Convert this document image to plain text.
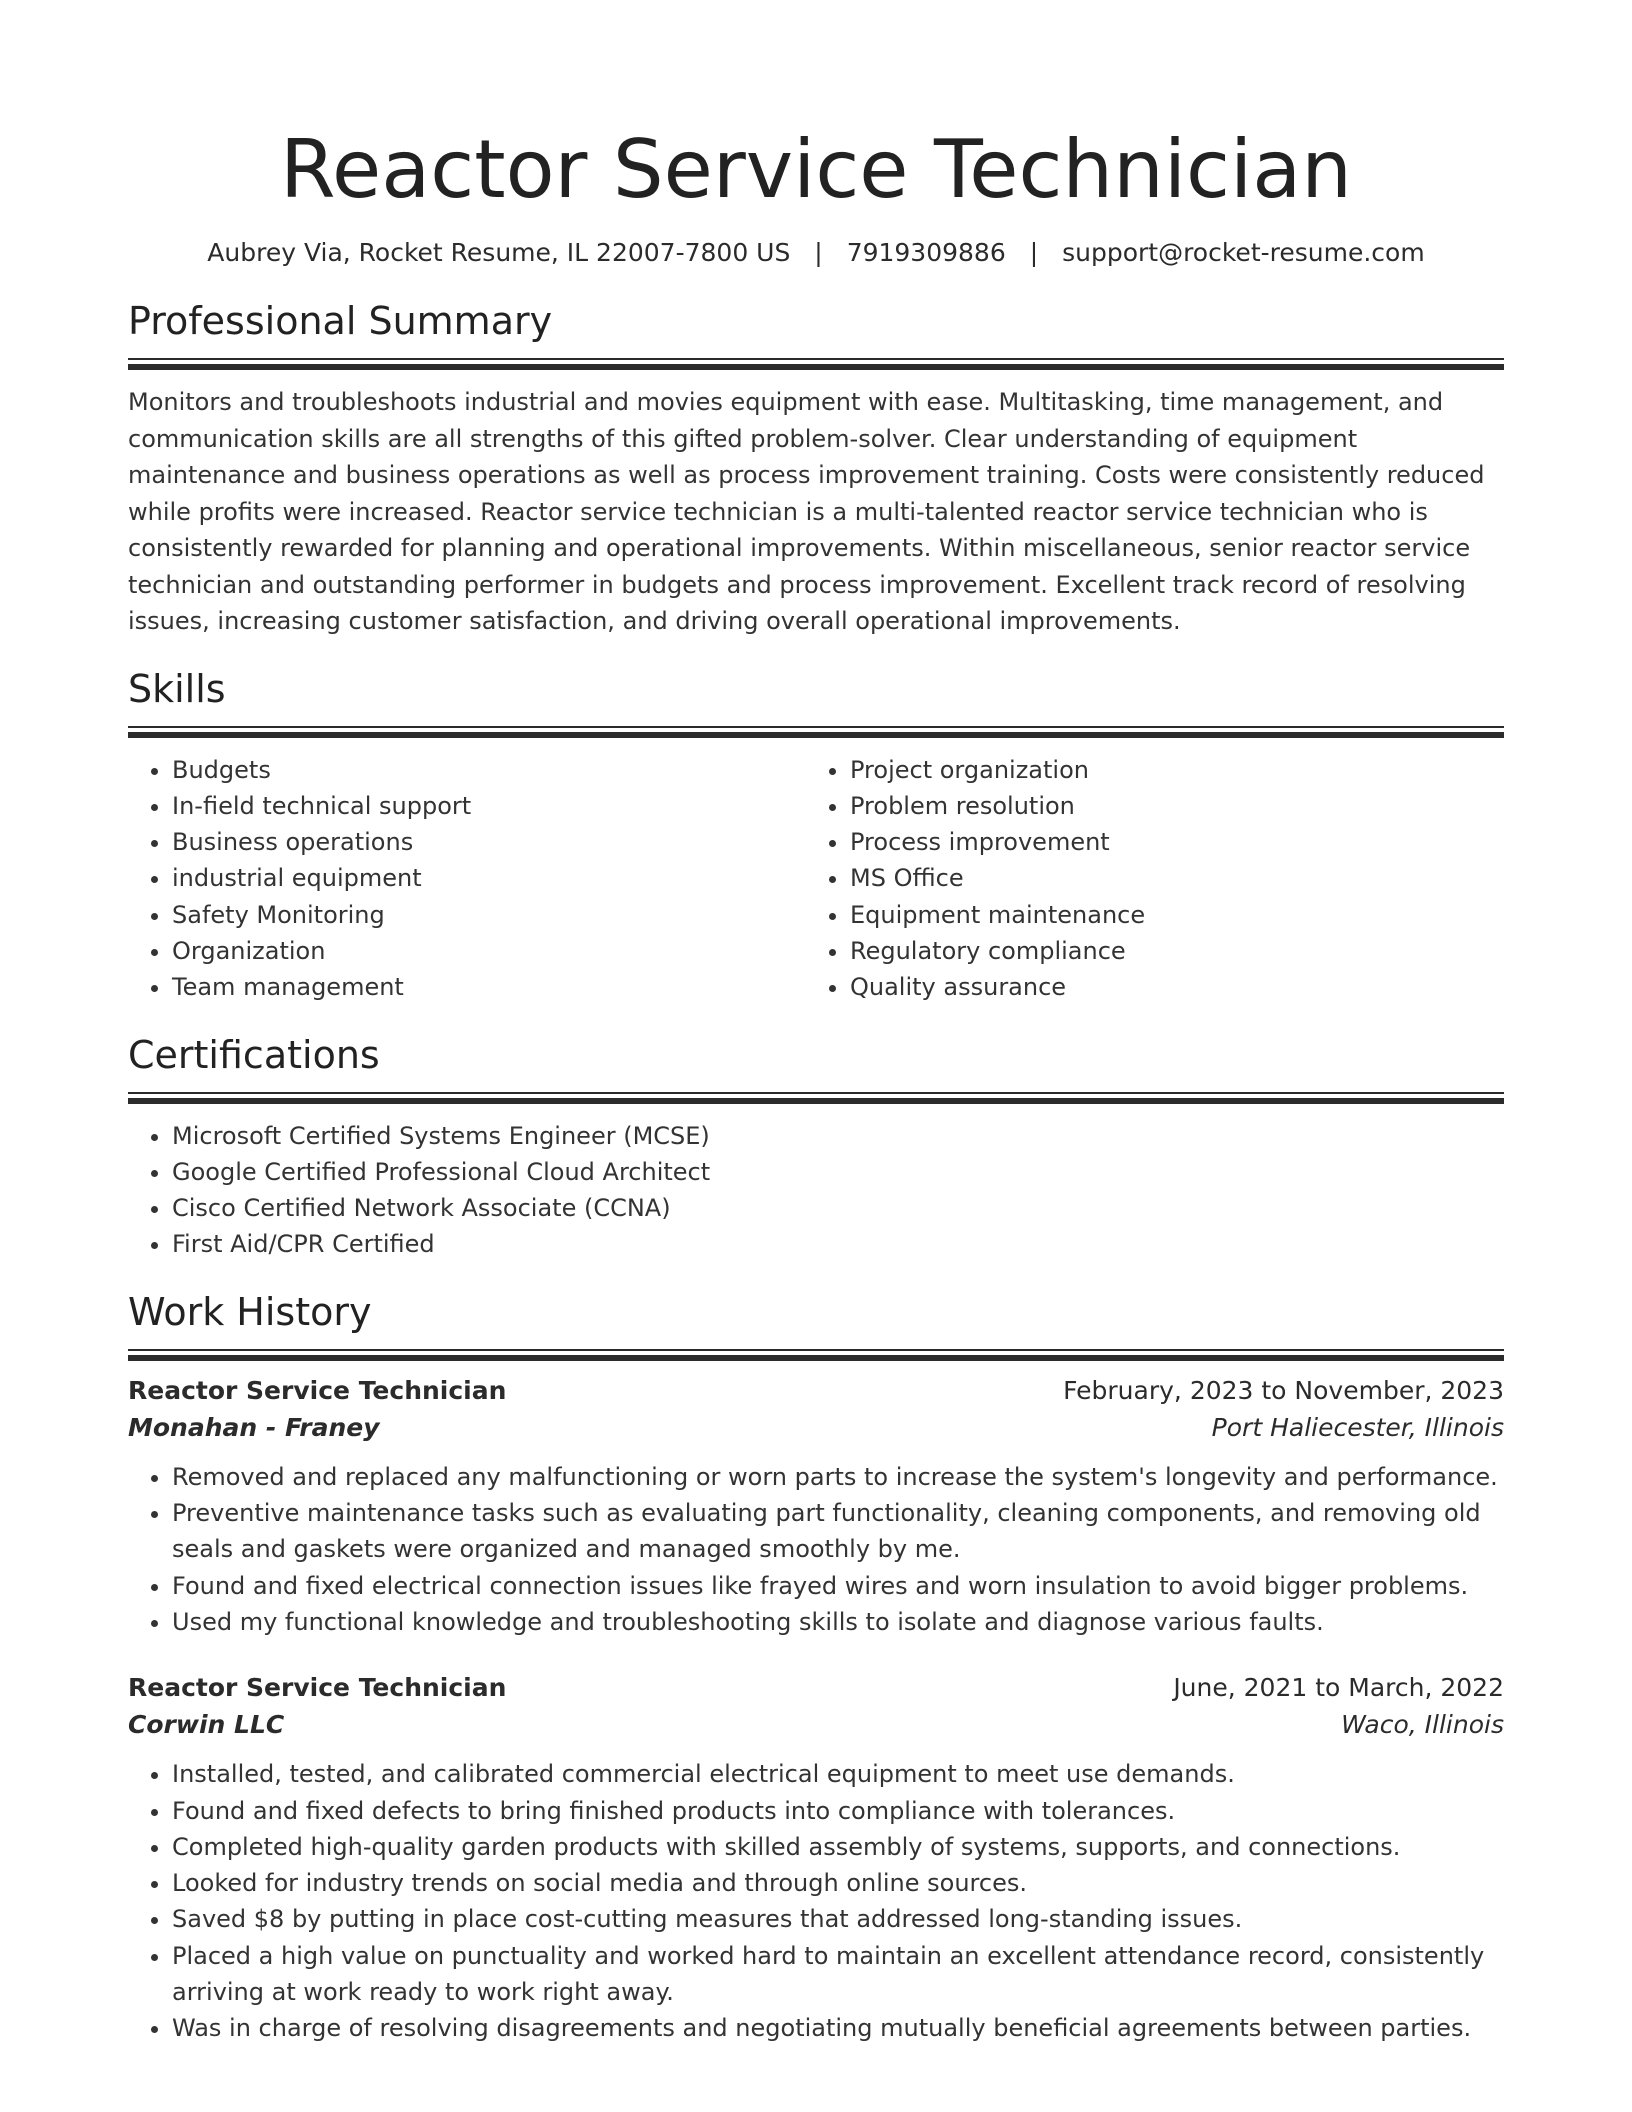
Reactor Service Technician
Aubrey Via, Rocket Resume, IL 22007-7800 US | 7919309886 | support@rocket-resume.com
Professional Summary

Monitors and troubleshoots industrial and movies equipment with ease. Multitasking, time management, and communication skills are all strengths of this gifted problem-solver. Clear understanding of equipment maintenance and business operations as well as process improvement training. Costs were consistently reduced while profits were increased. Reactor service technician is a multi-talented reactor service technician who is consistently rewarded for planning and operational improvements. Within miscellaneous, senior reactor service technician and outstanding performer in budgets and process improvement. Excellent track record of resolving issues, increasing customer satisfaction, and driving overall operational improvements.

Skills
• Budgets
• In-field technical support
• Business operations
• industrial equipment
• Safety Monitoring
• Organization
• Team management
• Project organization
• Problem resolution
• Process improvement
• MS Office
• Equipment maintenance
• Regulatory compliance
• Quality assurance
Certifications
• Microsoft Certified Systems Engineer (MCSE)
• Google Certified Professional Cloud Architect
• Cisco Certified Network Associate (CCNA)
• First Aid/CPR Certified
Work History
Reactor Service Technician	February, 2023 to November, 2023
Monahan - Franey	Port Haliecester, Illinois
• Removed and replaced any malfunctioning or worn parts to increase the system's longevity and performance.
• Preventive maintenance tasks such as evaluating part functionality, cleaning components, and removing old seals and gaskets were organized and managed smoothly by me.
• Found and fixed electrical connection issues like frayed wires and worn insulation to avoid bigger problems.
• Used my functional knowledge and troubleshooting skills to isolate and diagnose various faults.
Reactor Service Technician	June, 2021 to March, 2022
Corwin LLC	Waco, Illinois
• Installed, tested, and calibrated commercial electrical equipment to meet use demands.
• Found and fixed defects to bring finished products into compliance with tolerances.
• Completed high-quality garden products with skilled assembly of systems, supports, and connections.
• Looked for industry trends on social media and through online sources.
• Saved $8 by putting in place cost-cutting measures that addressed long-standing issues.
• Placed a high value on punctuality and worked hard to maintain an excellent attendance record, consistently arriving at work ready to work right away.
• Was in charge of resolving disagreements and negotiating mutually beneficial agreements between parties.
